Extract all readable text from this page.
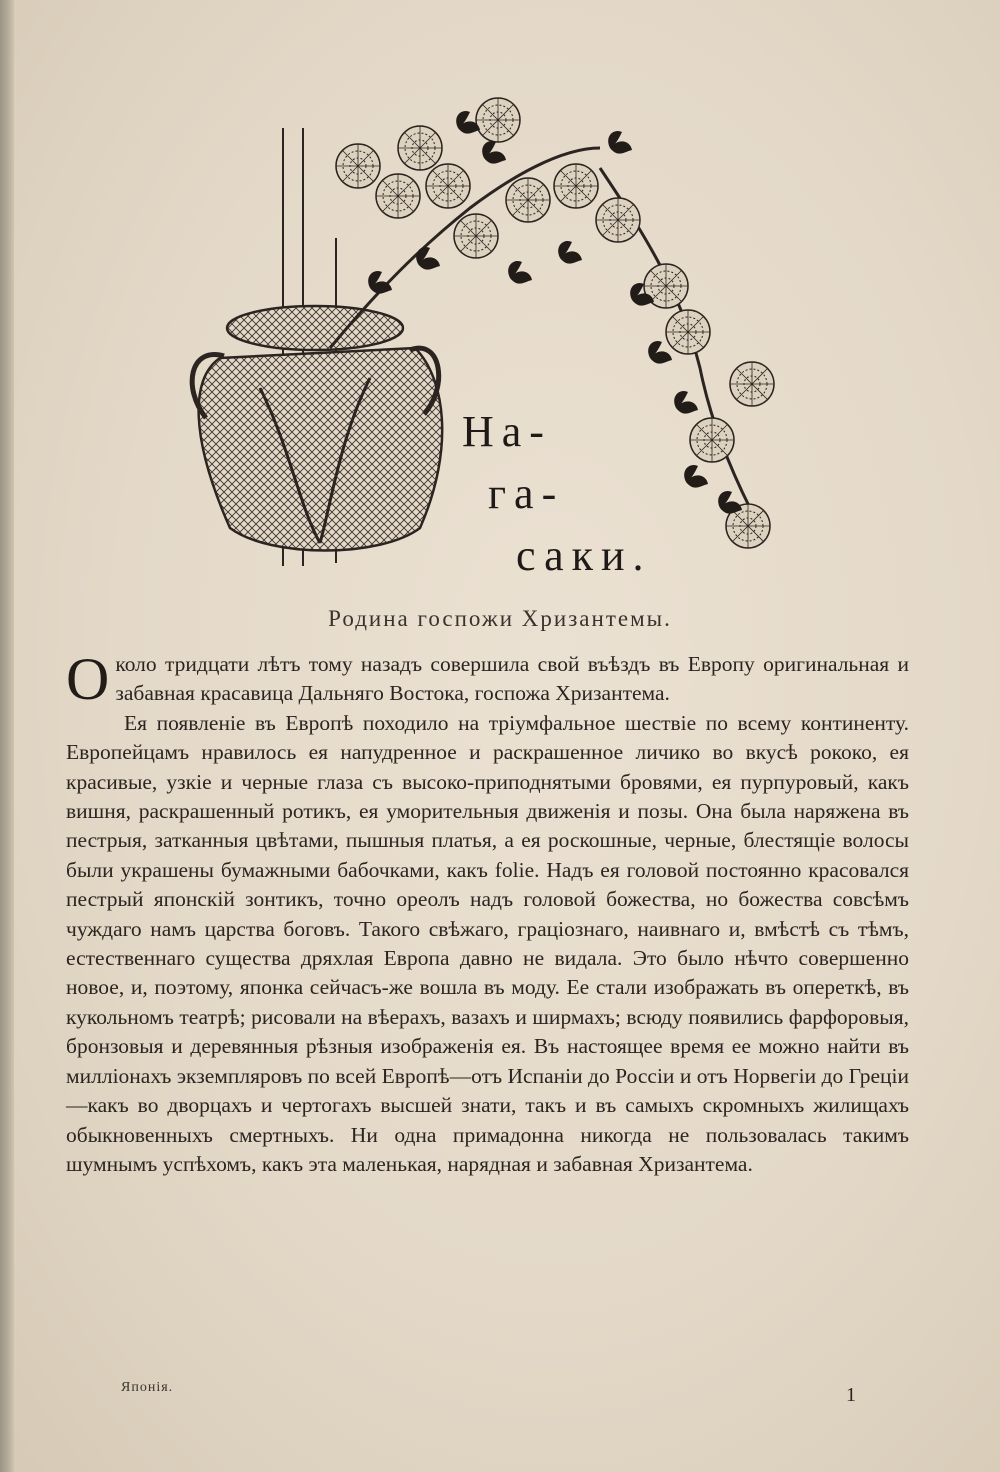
На-
га-
саки.
Родина госпожи Хризантемы.

Около тридцати лѣтъ тому назадъ совершила свой въѣздъ въ Европу оригинальная и забавная красавица Дальняго Востока, госпожа Хризантема.

Ея появленіе въ Европѣ походило на тріумфальное шествіе по всему континенту. Европейцамъ нравилось ея напудренное и раскрашенное личико во вкусѣ рококо, ея красивые, узкіе и черные глаза съ высоко-приподнятыми бровями, ея пурпуровый, какъ вишня, раскрашенный ротикъ, ея уморительныя движенія и позы. Она была наряжена въ пестрыя, затканныя цвѣтами, пышныя платья, а ея роскошные, черные, блестящіе волосы были украшены бумажными бабочками, какъ folie. Надъ ея головой постоянно красовался пестрый японскій зонтикъ, точно ореолъ надъ головой божества, но божества совсѣмъ чуждаго намъ царства боговъ. Такого свѣжаго, граціознаго, наивнаго и, вмѣстѣ съ тѣмъ, естественнаго существа дряхлая Европа давно не видала. Это было нѣчто совершенно новое, и, поэтому, японка сейчасъ-же вошла въ моду. Ее стали изображать въ опереткѣ, въ кукольномъ театрѣ; рисовали на вѣерахъ, вазахъ и ширмахъ; всюду появились фарфоровыя, бронзовыя и деревянныя рѣзныя изображенія ея. Въ настоящее время ее можно найти въ милліонахъ экземпляровъ по всей Европѣ—отъ Испаніи до Россіи и отъ Норвегіи до Греціи—какъ во дворцахъ и чертогахъ высшей знати, такъ и въ самыхъ скромныхъ жилищахъ обыкновенныхъ смертныхъ. Ни одна примадонна никогда не пользовалась такимъ шумнымъ успѣхомъ, какъ эта маленькая, нарядная и забавная Хризантема.

Японія.	1
